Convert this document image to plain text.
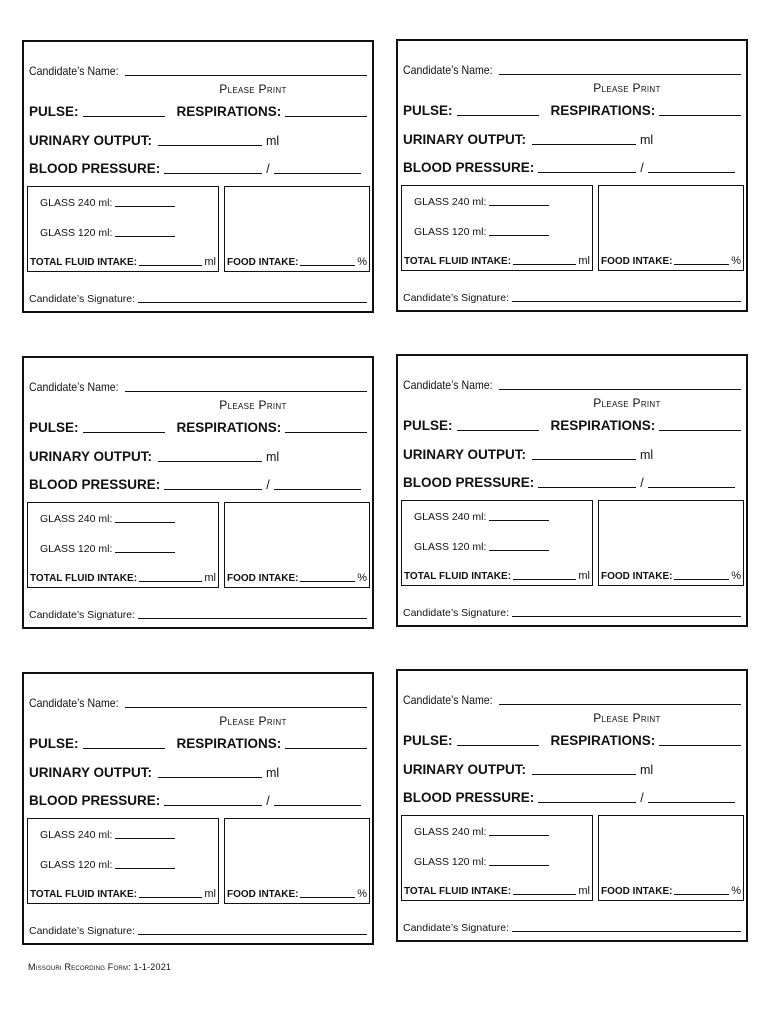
Candidate’s Name:
Please Print
PULSE:	RESPIRATIONS:
URINARY OUTPUT:	ml
BLOOD PRESSURE:	/
GLASS 240 ml:
GLASS 120 ml:
TOTAL FLUID INTAKE:	ml FOOD INTAKE:	%
Candidate’s Signature:
Candidate’s Name:
Please Print
PULSE:	RESPIRATIONS:
URINARY OUTPUT:	ml
BLOOD PRESSURE:	/
GLASS 240 ml:
GLASS 120 ml:
TOTAL FLUID INTAKE:	ml FOOD INTAKE:	%
Candidate’s Signature:
Candidate’s Name:
Please Print
PULSE:	RESPIRATIONS:
URINARY OUTPUT:	ml
BLOOD PRESSURE:	/
GLASS 240 ml:
GLASS 120 ml:
TOTAL FLUID INTAKE:	ml FOOD INTAKE:	%
Candidate’s Signature:
Candidate’s Name:
Please Print
PULSE:	RESPIRATIONS:
URINARY OUTPUT:	ml
BLOOD PRESSURE:	/
GLASS 240 ml:
GLASS 120 ml:
TOTAL FLUID INTAKE:	ml FOOD INTAKE:	%
Candidate’s Signature:
Candidate’s Name:
Please Print
PULSE:	RESPIRATIONS:
URINARY OUTPUT:	ml
BLOOD PRESSURE:	/
GLASS 240 ml:
GLASS 120 ml:
TOTAL FLUID INTAKE:	ml FOOD INTAKE:	%
Candidate’s Signature:
Candidate’s Name:
Please Print
PULSE:	RESPIRATIONS:
URINARY OUTPUT:	ml
BLOOD PRESSURE:	/
GLASS 240 ml:
GLASS 120 ml:
TOTAL FLUID INTAKE:	ml FOOD INTAKE:	%
Candidate’s Signature:
Missouri Recording Form: 1-1-2021
